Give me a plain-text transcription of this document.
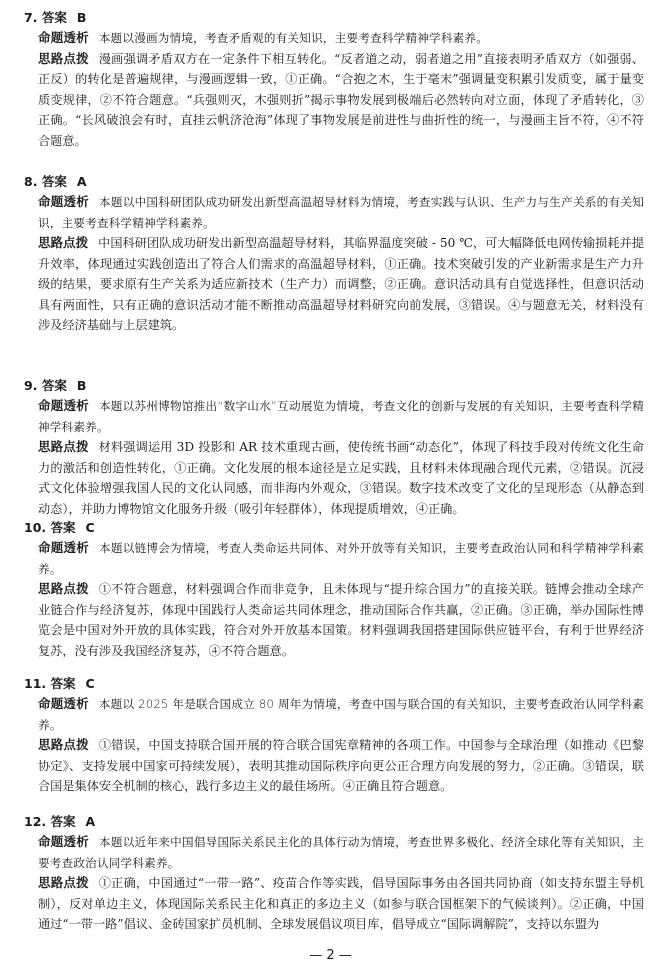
7. 答案 B

命题透析 本题以漫画为情境，考查矛盾观的有关知识，主要考查科学精神学科素养。

思路点拨 漫画强调矛盾双方在一定条件下相互转化。“反者道之动，弱者道之用”直接表明矛盾双方（如强弱、正反）的转化是普遍规律，与漫画逻辑一致，①正确。“合抱之木，生于毫末”强调量变积累引发质变，属于量变质变规律，②不符合题意。“兵强则灭，木强则折”揭示事物发展到极端后必然转向对立面，体现了矛盾转化，③正确。“长风破浪会有时，直挂云帆济沧海”体现了事物发展是前进性与曲折性的统一，与漫画主旨不符，④不符合题意。

8. 答案 A

命题透析 本题以中国科研团队成功研发出新型高温超导材料为情境，考查实践与认识、生产力与生产关系的有关知识，主要考查科学精神学科素养。

思路点拨 中国科研团队成功研发出新型高温超导材料，其临界温度突破 - 50 ℃，可大幅降低电网传输损耗并提升效率，体现通过实践创造出了符合人们需求的高温超导材料，①正确。技术突破引发的产业新需求是生产力升级的结果，要求原有生产关系为适应新技术（生产力）而调整，②正确。意识活动具有自觉选择性，但意识活动具有两面性，只有正确的意识活动才能不断推动高温超导材料研究向前发展，③错误。④与题意无关，材料没有涉及经济基础与上层建筑。

9. 答案 B

命题透析 本题以苏州博物馆推出“数字山水”互动展览为情境，考查文化的创新与发展的有关知识，主要考查科学精神学科素养。

思路点拨 材料强调运用 3D 投影和 AR 技术重现古画，使传统书画“动态化”，体现了科技手段对传统文化生命力的激活和创造性转化，①正确。文化发展的根本途径是立足实践，且材料未体现融合现代元素，②错误。沉浸式文化体验增强我国人民的文化认同感，而非海内外观众，③错误。数字技术改变了文化的呈现形态（从静态到动态），并助力博物馆文化服务升级（吸引年轻群体），体现提质增效，④正确。

10. 答案 C

命题透析 本题以链博会为情境，考查人类命运共同体、对外开放等有关知识，主要考查政治认同和科学精神学科素养。

思路点拨 ①不符合题意，材料强调合作而非竞争，且未体现与“提升综合国力”的直接关联。链博会推动全球产业链合作与经济复苏，体现中国践行人类命运共同体理念，推动国际合作共赢，②正确。③正确，举办国际性博览会是中国对外开放的具体实践，符合对外开放基本国策。材料强调我国搭建国际供应链平台，有利于世界经济复苏，没有涉及我国经济复苏，④不符合题意。

11. 答案 C

命题透析 本题以 2025 年是联合国成立 80 周年为情境，考查中国与联合国的有关知识，主要考查政治认同学科素养。

思路点拨 ①错误，中国支持联合国开展的符合联合国宪章精神的各项工作。中国参与全球治理（如推动《巴黎协定》、支持发展中国家可持续发展），表明其推动国际秩序向更公正合理方向发展的努力，②正确。③错误，联合国是集体安全机制的核心，践行多边主义的最佳场所。④正确且符合题意。

12. 答案 A

命题透析 本题以近年来中国倡导国际关系民主化的具体行动为情境，考查世界多极化、经济全球化等有关知识，主要考查政治认同学科素养。

思路点拨 ①正确，中国通过“一带一路”、疫苗合作等实践，倡导国际事务由各国共同协商（如支持东盟主导机制），反对单边主义，体现国际关系民主化和真正的多边主义（如参与联合国框架下的气候谈判）。②正确，中国通过“一带一路”倡议、金砖国家扩员机制、全球发展倡议项目库，倡导成立“国际调解院”，支持以东盟为

— 2 —
